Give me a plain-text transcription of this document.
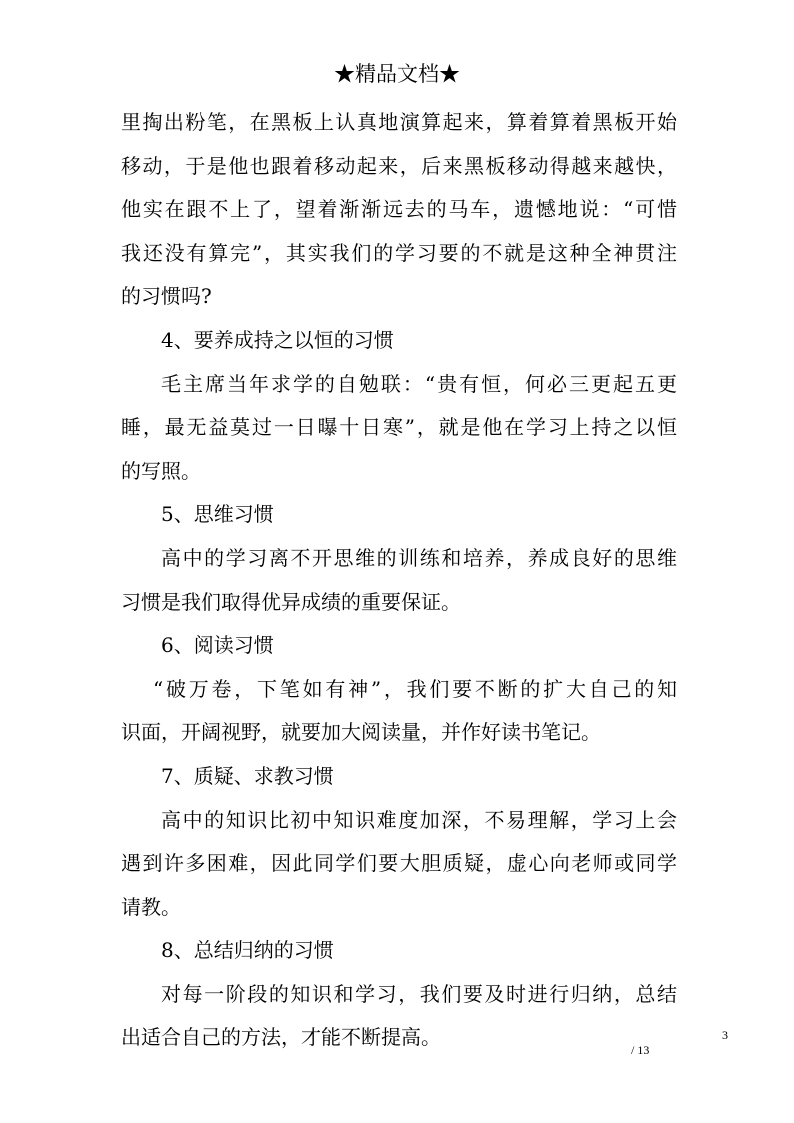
★精品文档★
里掏出粉笔，在黑板上认真地演算起来，算着算着黑板开始
移动，于是他也跟着移动起来，后来黑板移动得越来越快，
他实在跟不上了，望着渐渐远去的马车，遗憾地说：“可惜
我还没有算完”，其实我们的学习要的不就是这种全神贯注
的习惯吗?
4、要养成持之以恒的习惯
毛主席当年求学的自勉联：“贵有恒，何必三更起五更
睡，最无益莫过一日曝十日寒”，就是他在学习上持之以恒
的写照。
5、思维习惯
高中的学习离不开思维的训练和培养，养成良好的思维
习惯是我们取得优异成绩的重要保证。
6、阅读习惯
“破万卷，下笔如有神”，我们要不断的扩大自己的知
识面，开阔视野，就要加大阅读量，并作好读书笔记。
7、质疑、求教习惯
高中的知识比初中知识难度加深，不易理解，学习上会
遇到许多困难，因此同学们要大胆质疑，虚心向老师或同学
请教。
8、总结归纳的习惯
对每一阶段的知识和学习，我们要及时进行归纳，总结
出适合自己的方法，才能不断提高。	3
/ 13
